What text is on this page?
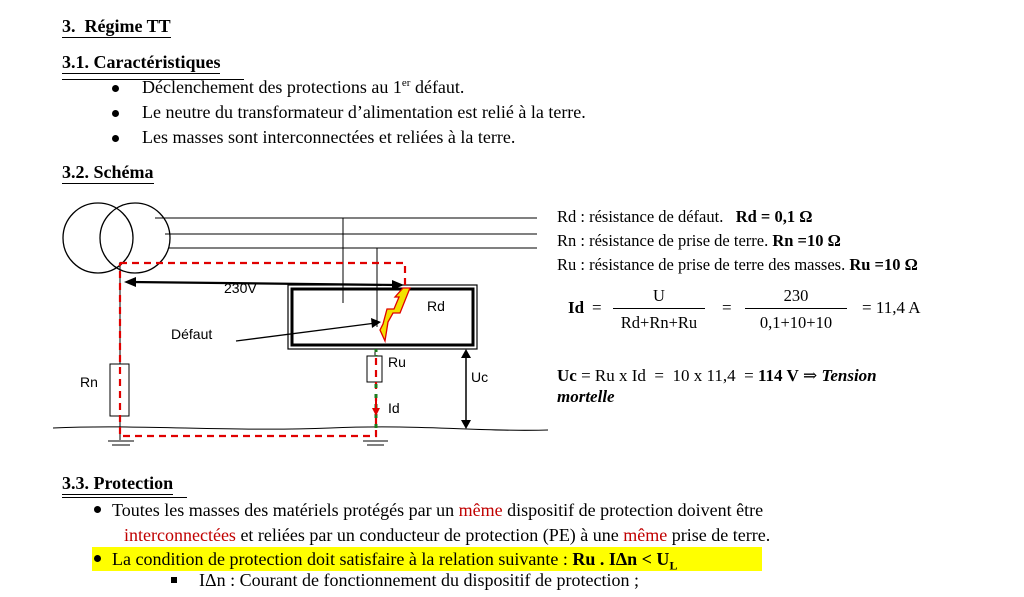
3. Régime TT
3.1. Caractéristiques
Déclenchement des protections au 1er défaut.
Le neutre du transformateur d’alimentation est relié à la terre.
Les masses sont interconnectées et reliées à la terre.
3.2. Schéma
230V
Rd
Défaut
Ru
Rn	Uc
Id
Rd : résistance de défaut. Rd = 0,1 Ω
Rn : résistance de prise de terre. Rn =10 Ω
Ru : résistance de prise de terre des masses. Ru =10 Ω
Id =
U
Rd+Rn+Ru
=
230
0,1+10+10
= 11,4 A
Uc = Ru x Id  =  10 x 11,4  = 114 V ⇒ Tension
mortelle
3.3. Protection
Toutes les masses des matériels protégés par un même dispositif de protection doivent être
interconnectées et reliées par un conducteur de protection (PE) à une même prise de terre.
La condition de protection doit satisfaire à la relation suivante : Ru . $I\Delta n < U_L$
IΔn : Courant de fonctionnement du dispositif de protection ;
